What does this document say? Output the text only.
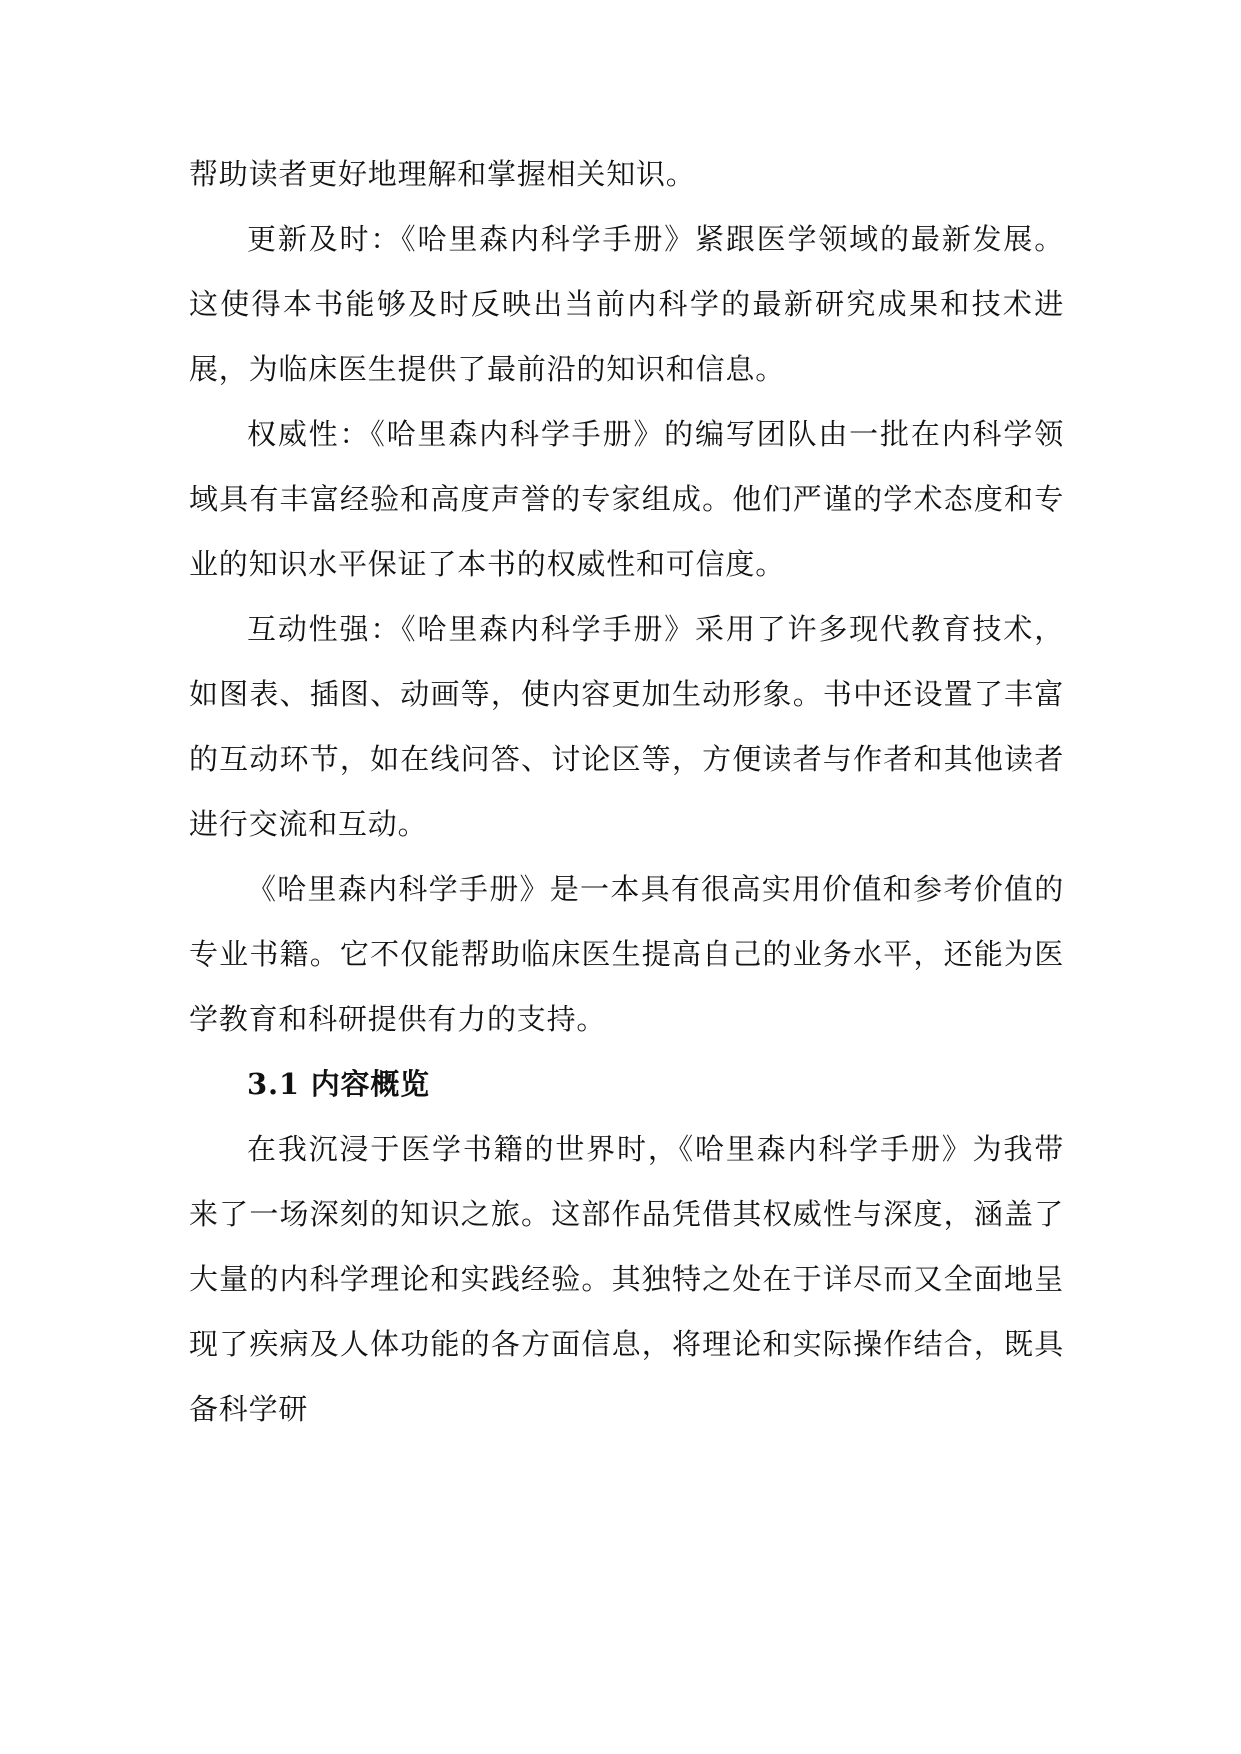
帮助读者更好地理解和掌握相关知识。

更新及时：《哈里森内科学手册》紧跟医学领域的最新发展。这使得本书能够及时反映出当前内科学的最新研究成果和技术进展，为临床医生提供了最前沿的知识和信息。

权威性：《哈里森内科学手册》的编写团队由一批在内科学领域具有丰富经验和高度声誉的专家组成。他们严谨的学术态度和专业的知识水平保证了本书的权威性和可信度。

互动性强：《哈里森内科学手册》采用了许多现代教育技术，如图表、插图、动画等，使内容更加生动形象。书中还设置了丰富的互动环节，如在线问答、讨论区等，方便读者与作者和其他读者进行交流和互动。

《哈里森内科学手册》是一本具有很高实用价值和参考价值的专业书籍。它不仅能帮助临床医生提高自己的业务水平，还能为医学教育和科研提供有力的支持。

3.1 内容概览

在我沉浸于医学书籍的世界时，《哈里森内科学手册》为我带来了一场深刻的知识之旅。这部作品凭借其权威性与深度，涵盖了大量的内科学理论和实践经验。其独特之处在于详尽而又全面地呈现了疾病及人体功能的各方面信息，将理论和实际操作结合，既具备科学研
